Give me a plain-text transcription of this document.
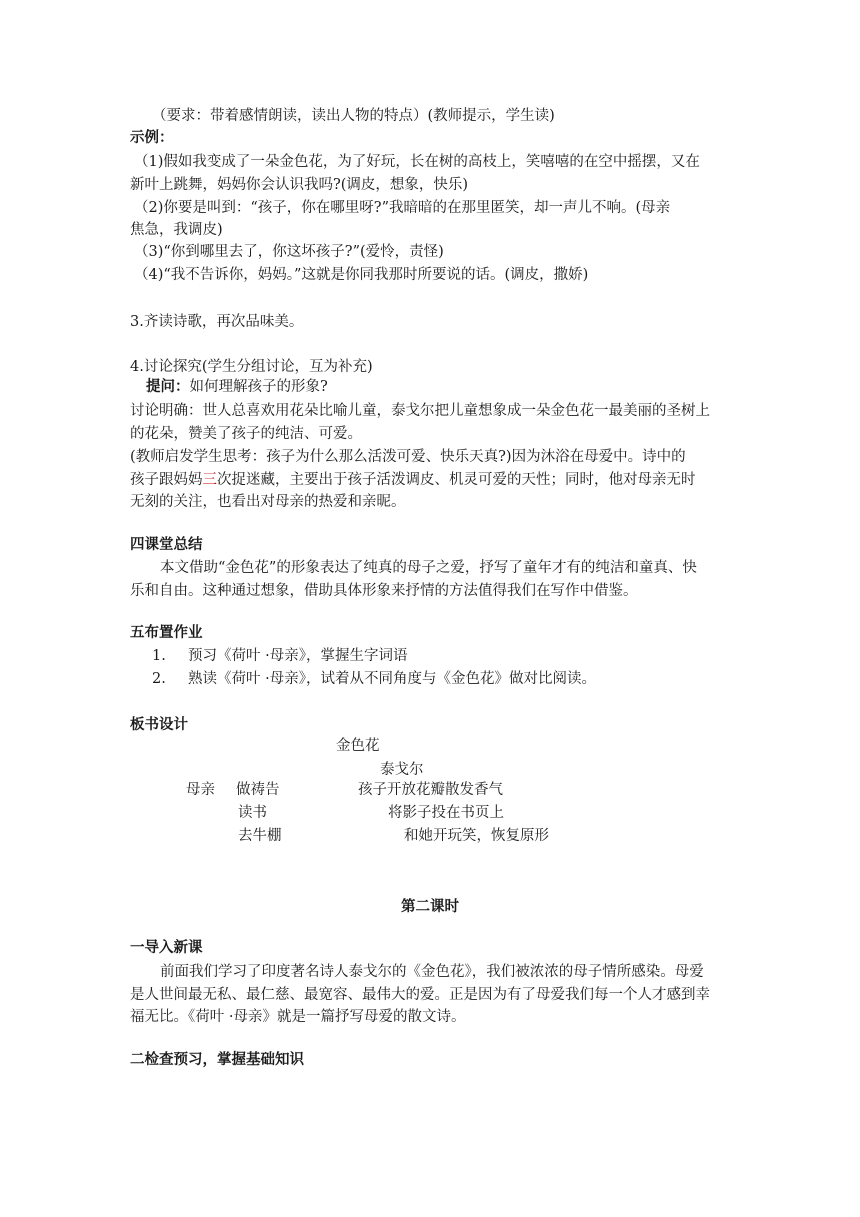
（要求：带着感情朗读，读出人物的特点）(教师提示，学生读)
示例：
（1)假如我变成了一朵金色花，为了好玩，长在树的高枝上，笑嘻嘻的在空中摇摆，又在
新叶上跳舞，妈妈你会认识我吗?(调皮，想象，快乐)
（2)你要是叫到：“孩子，你在哪里呀?”我暗暗的在那里匿笑，却一声儿不响。(母亲
焦急，我调皮)
（3)“你到哪里去了，你这坏孩子?”(爱怜，责怪)
（4)“我不告诉你，妈妈。”这就是你同我那时所要说的话。(调皮，撒娇)
3.齐读诗歌，再次品味美。
4.讨论探究(学生分组讨论，互为补充)
提问：如何理解孩子的形象?
讨论明确：世人总喜欢用花朵比喻儿童，泰戈尔把儿童想象成一朵金色花一最美丽的圣树上
的花朵，赞美了孩子的纯洁、可爱。
(教师启发学生思考：孩子为什么那么活泼可爱、快乐天真?)因为沐浴在母爱中。诗中的
孩子跟妈妈三次捉迷藏，主要出于孩子活泼调皮、机灵可爱的天性；同时，他对母亲无时
无刻的关注，也看出对母亲的热爱和亲昵。
四课堂总结
本文借助“金色花”的形象表达了纯真的母子之爱，抒写了童年才有的纯洁和童真、快
乐和自由。这种通过想象，借助具体形象来抒情的方法值得我们在写作中借鉴。
五布置作业
1. 预习《荷叶 ·母亲》，掌握生字词语
2. 熟读《荷叶 ·母亲》，试着从不同角度与《金色花》做对比阅读。
板书设计
金色花
泰戈尔
母亲 做祷告	孩子开放花瓣散发香气
读书	将影子投在书页上
去牛棚	和她开玩笑，恢复原形
第二课时
一导入新课
前面我们学习了印度著名诗人泰戈尔的《金色花》，我们被浓浓的母子情所感染。母爱
是人世间最无私、最仁慈、最宽容、最伟大的爱。正是因为有了母爱我们每一个人才感到幸
福无比。《荷叶 ·母亲》就是一篇抒写母爱的散文诗。
二检查预习，掌握基础知识
